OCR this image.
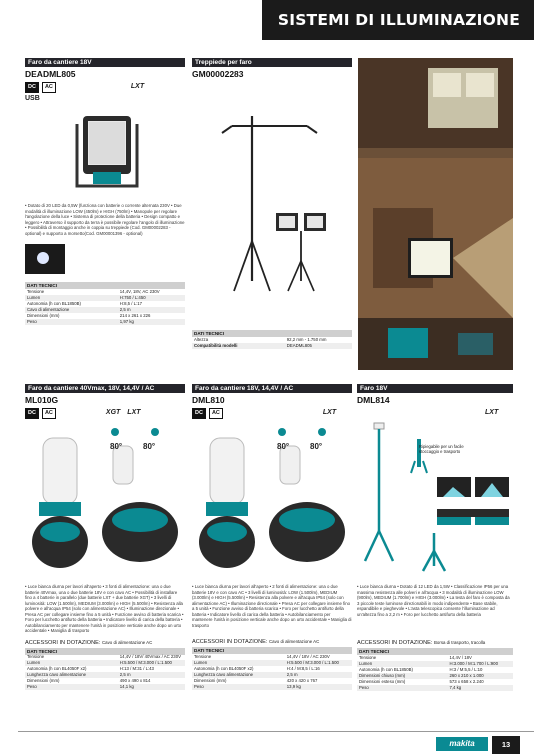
SISTEMI DI ILLUMINAZIONE
Faro da cantiere 18V
DEADML805
DC	AC	LXT
USB
• Dotato di 20 LED da 0,5W (funziona con batterie o corrente alternata 230V • Due modalità di illuminazione LOW (450lm) e HIGH (750lm) • Manopole per regolare l'angolazione della luce • Sistema di protezione della batteria • Design compatto e leggero • Attraverso il supporto da terra è possibile regolare l'angolo di illuminazione • Possibilità di montaggio anche in coppia su treppiede (Cod. GM00002283 - optional) e supporto a morsetto(Cod. GM00001396 - optional)
DATI TECNICI
Tensione	14,4V, 18V, AC 230V
Lumen	H:750 / L:450
Autonomia (h con BL1850B)	H:8,5 / L:17
Cavo di alimentazione	2,5 m
Dimensioni (mm)	214 x 261 x 226
Peso	1,97 kg
Treppiede per faro
GM00002283
DATI TECNICI
Altezza	92,2 mm - 1.750 mm
Compatibilità modelli	DEADML805
Faro da cantiere 40Vmax, 18V, 14,4V / AC
ML010G
DC	AC	XGT LXT
80°	80°
• Luce bianca diurna per lavori all'aperto • 3 fonti di alimentazione: una o due batterie 40Vmax, una o due batterie 18V e con cavo AC • Possibilità di installare fino a 4 batterie in parallelo (due batterie LXT + due batterie XGT) • 3 livelli di luminosità: LOW (1.500lm), MEDIUM (3.000lm) e HIGH (5.500lm) • Resistenza alla polvere e all'acqua IP54 (solo con alimentazione AC) • Illuminazione direzionale • Presa AC per collegare insieme fino a 5 unità • Funzione avviso di batteria scarica • Foro per lucchetto antifurto della batteria • Indicatore livello di carica della batteria • Autobilanciamento per mantenere l'unità in posizione verticale anche dopo un urto accidentale • Maniglia di trasporto
ACCESSORI IN DOTAZIONE: Cavo di alimentazione AC
DATI TECNICI
Tensione	14,4V / 18V/ 40Vmax / AC 230V
Lumen	H:5.500 / M:3.000 / L:1.500
Autonomia (h con BL4050F x2)	H:13 / M:31 / L:43
Lunghezza cavo alimentazione	2,5 m
Dimensioni (mm)	490 x 490 x 814
Peso	14,1 kg
Faro da cantiere 18V, 14,4V / AC
DML810
DC	AC	LXT
80°	80°
• Luce bianca diurna per lavori all'aperto • 2 fonti di alimentazione: una o due batterie 18V e con cavo AC • 3 livelli di luminosità: LOW (1.500lm), MEDIUM (3.000lm) e HIGH (5.500lm) • Resistenza alla polvere e all'acqua IP54 (solo con alimentazione AC) • Illuminazione direzionale • Presa AC per collegare insieme fino a 5 unità • Funzione avviso di batteria scarica • Foro per lucchetto antifurto della batteria • Indicatore livello di carica della batteria • Autobilanciamento per mantenere l'unità in posizione verticale anche dopo un urto accidentale • Maniglia di trasporto
ACCESSORI IN DOTAZIONE: Cavo di alimentazione AC
DATI TECNICI
Tensione	14,4V / 18V / AC 230V
Lumen	H:5.500 / M:3.000 / L:1.500
Autonomia (h con BL4050F x2)	H:4 / M:8,5 / L:16
Lunghezza cavo alimentazione	2,5 m
Dimensioni (mm)	420 x 420 x 767
Peso	13,9 kg
Faro 18V
DML814
LXT
Ripiegabile per un facile stoccaggio e trasporto
2 modalità di illuminazione
Spot	Area
• Luce bianca diurna • Dotato di 12 LED da 1,5W • Classificazione IP56 per una massima resistenza alle polveri e all'acqua • 3 modalità di illuminazione LOW (900lm), MEDIUM (1.700lm) e HIGH (3.000lm) • La testa del faro è composta da 3 piccole teste luminose direzionabili in modo indipendente • Base stabile, espandibile e pieghevole • L'asta telescopica consente l'illuminazione ad un'altezza fino a 2,2 m • Foro per lucchetto antifurto della batteria
ACCESSORI IN DOTAZIONE: Borsa di trasporto, tracolla
DATI TECNICI
Tensione	14,4V / 18V
Lumen	H:3.000 / M:1.700 / L:900
Autonomia (h con BL1850B)	H:3 / M:5,5 / L:10
Dimensioni chiuso (mm)	260 x 210 x 1.000
Dimensioni esteso (mm)	573 x 658 x 2.240
Peso	7,4 kg
makita	13
